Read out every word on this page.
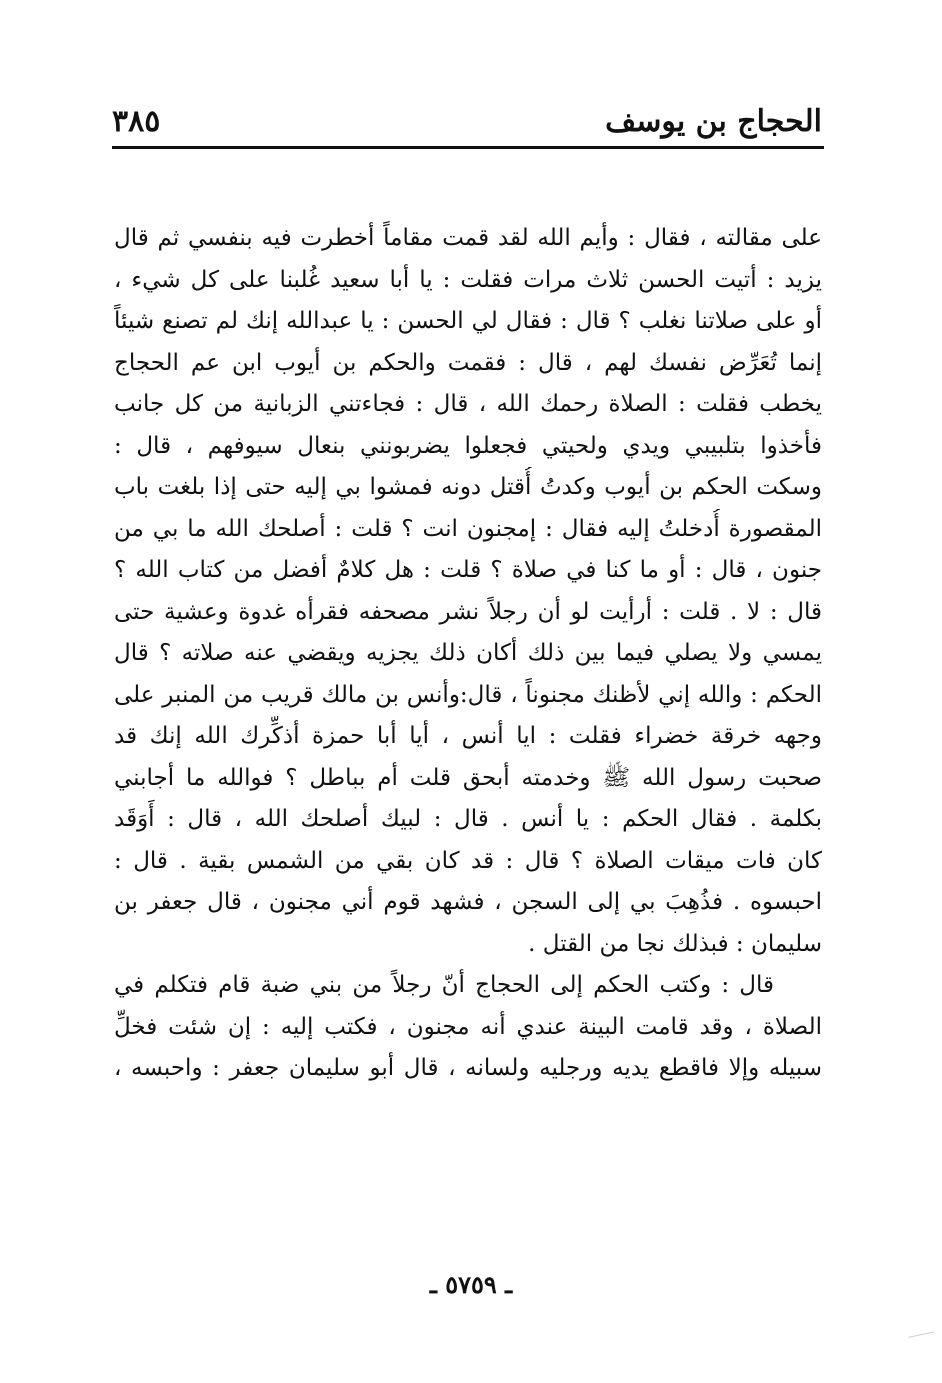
الحجاج بن يوسف
٣٨٥
على مقالته ، فقال : وأيم الله لقد قمت مقاماً أخطرت فيه بنفسي ثم قال
يزيد : أتيت الحسن ثلاث مرات فقلت : يا أبا سعيد غُلبنا على كل شيء ،
أو على صلاتنا نغلب ؟ قال : فقال لي الحسن : يا عبدالله إنك لم تصنع شيئاً
إنما تُعَرِّض نفسك لهم ، قال : فقمت والحكم بن أيوب ابن عم الحجاج
يخطب فقلت : الصلاة رحمك الله ، قال : فجاءتني الزبانية من كل جانب
فأخذوا بتلبيبي ويدي ولحيتي فجعلوا يضربونني بنعال سيوفهم ، قال :
وسكت الحكم بن أيوب وكدتُ أُقتل دونه فمشوا بي إليه حتى إذا بلغت باب
المقصورة أُدخلتُ إليه فقال : إمجنون انت ؟ قلت : أصلحك الله ما بي من
جنون ، قال : أو ما كنا في صلاة ؟ قلت : هل كلامٌ أفضل من كتاب الله ؟
قال : لا . قلت : أرأيت لو أن رجلاً نشر مصحفه فقرأه غدوة وعشية حتى
يمسي ولا يصلي فيما بين ذلك أكان ذلك يجزيه ويقضي عنه صلاته ؟ قال
الحكم : والله إني لأظنك مجنوناً ، قال:وأنس بن مالك قريب من المنبر على
وجهه خرقة خضراء فقلت : ايا أنس ، أيا أبا حمزة أذكِّرك الله إنك قد
صحبت رسول الله ﷺ وخدمته أبحق قلت أم بباطل ؟ فوالله ما أجابني
بكلمة . فقال الحكم : يا أنس . قال : لبيك أصلحك الله ، قال : أَوَقَد
كان فات ميقات الصلاة ؟ قال : قد كان بقي من الشمس بقية . قال :
احبسوه . فذُهِبَ بي إلى السجن ، فشهد قوم أني مجنون ، قال جعفر بن
سليمان : فبذلك نجا من القتل .
قال : وكتب الحكم إلى الحجاج أنّ رجلاً من بني ضبة قام فتكلم في
الصلاة ، وقد قامت البينة عندي أنه مجنون ، فكتب إليه : إن شئت فخلِّ
سبيله وإلا فاقطع يديه ورجليه ولسانه ، قال أبو سليمان جعفر : واحبسه ،
ـ ٥٧٥٩ ـ
